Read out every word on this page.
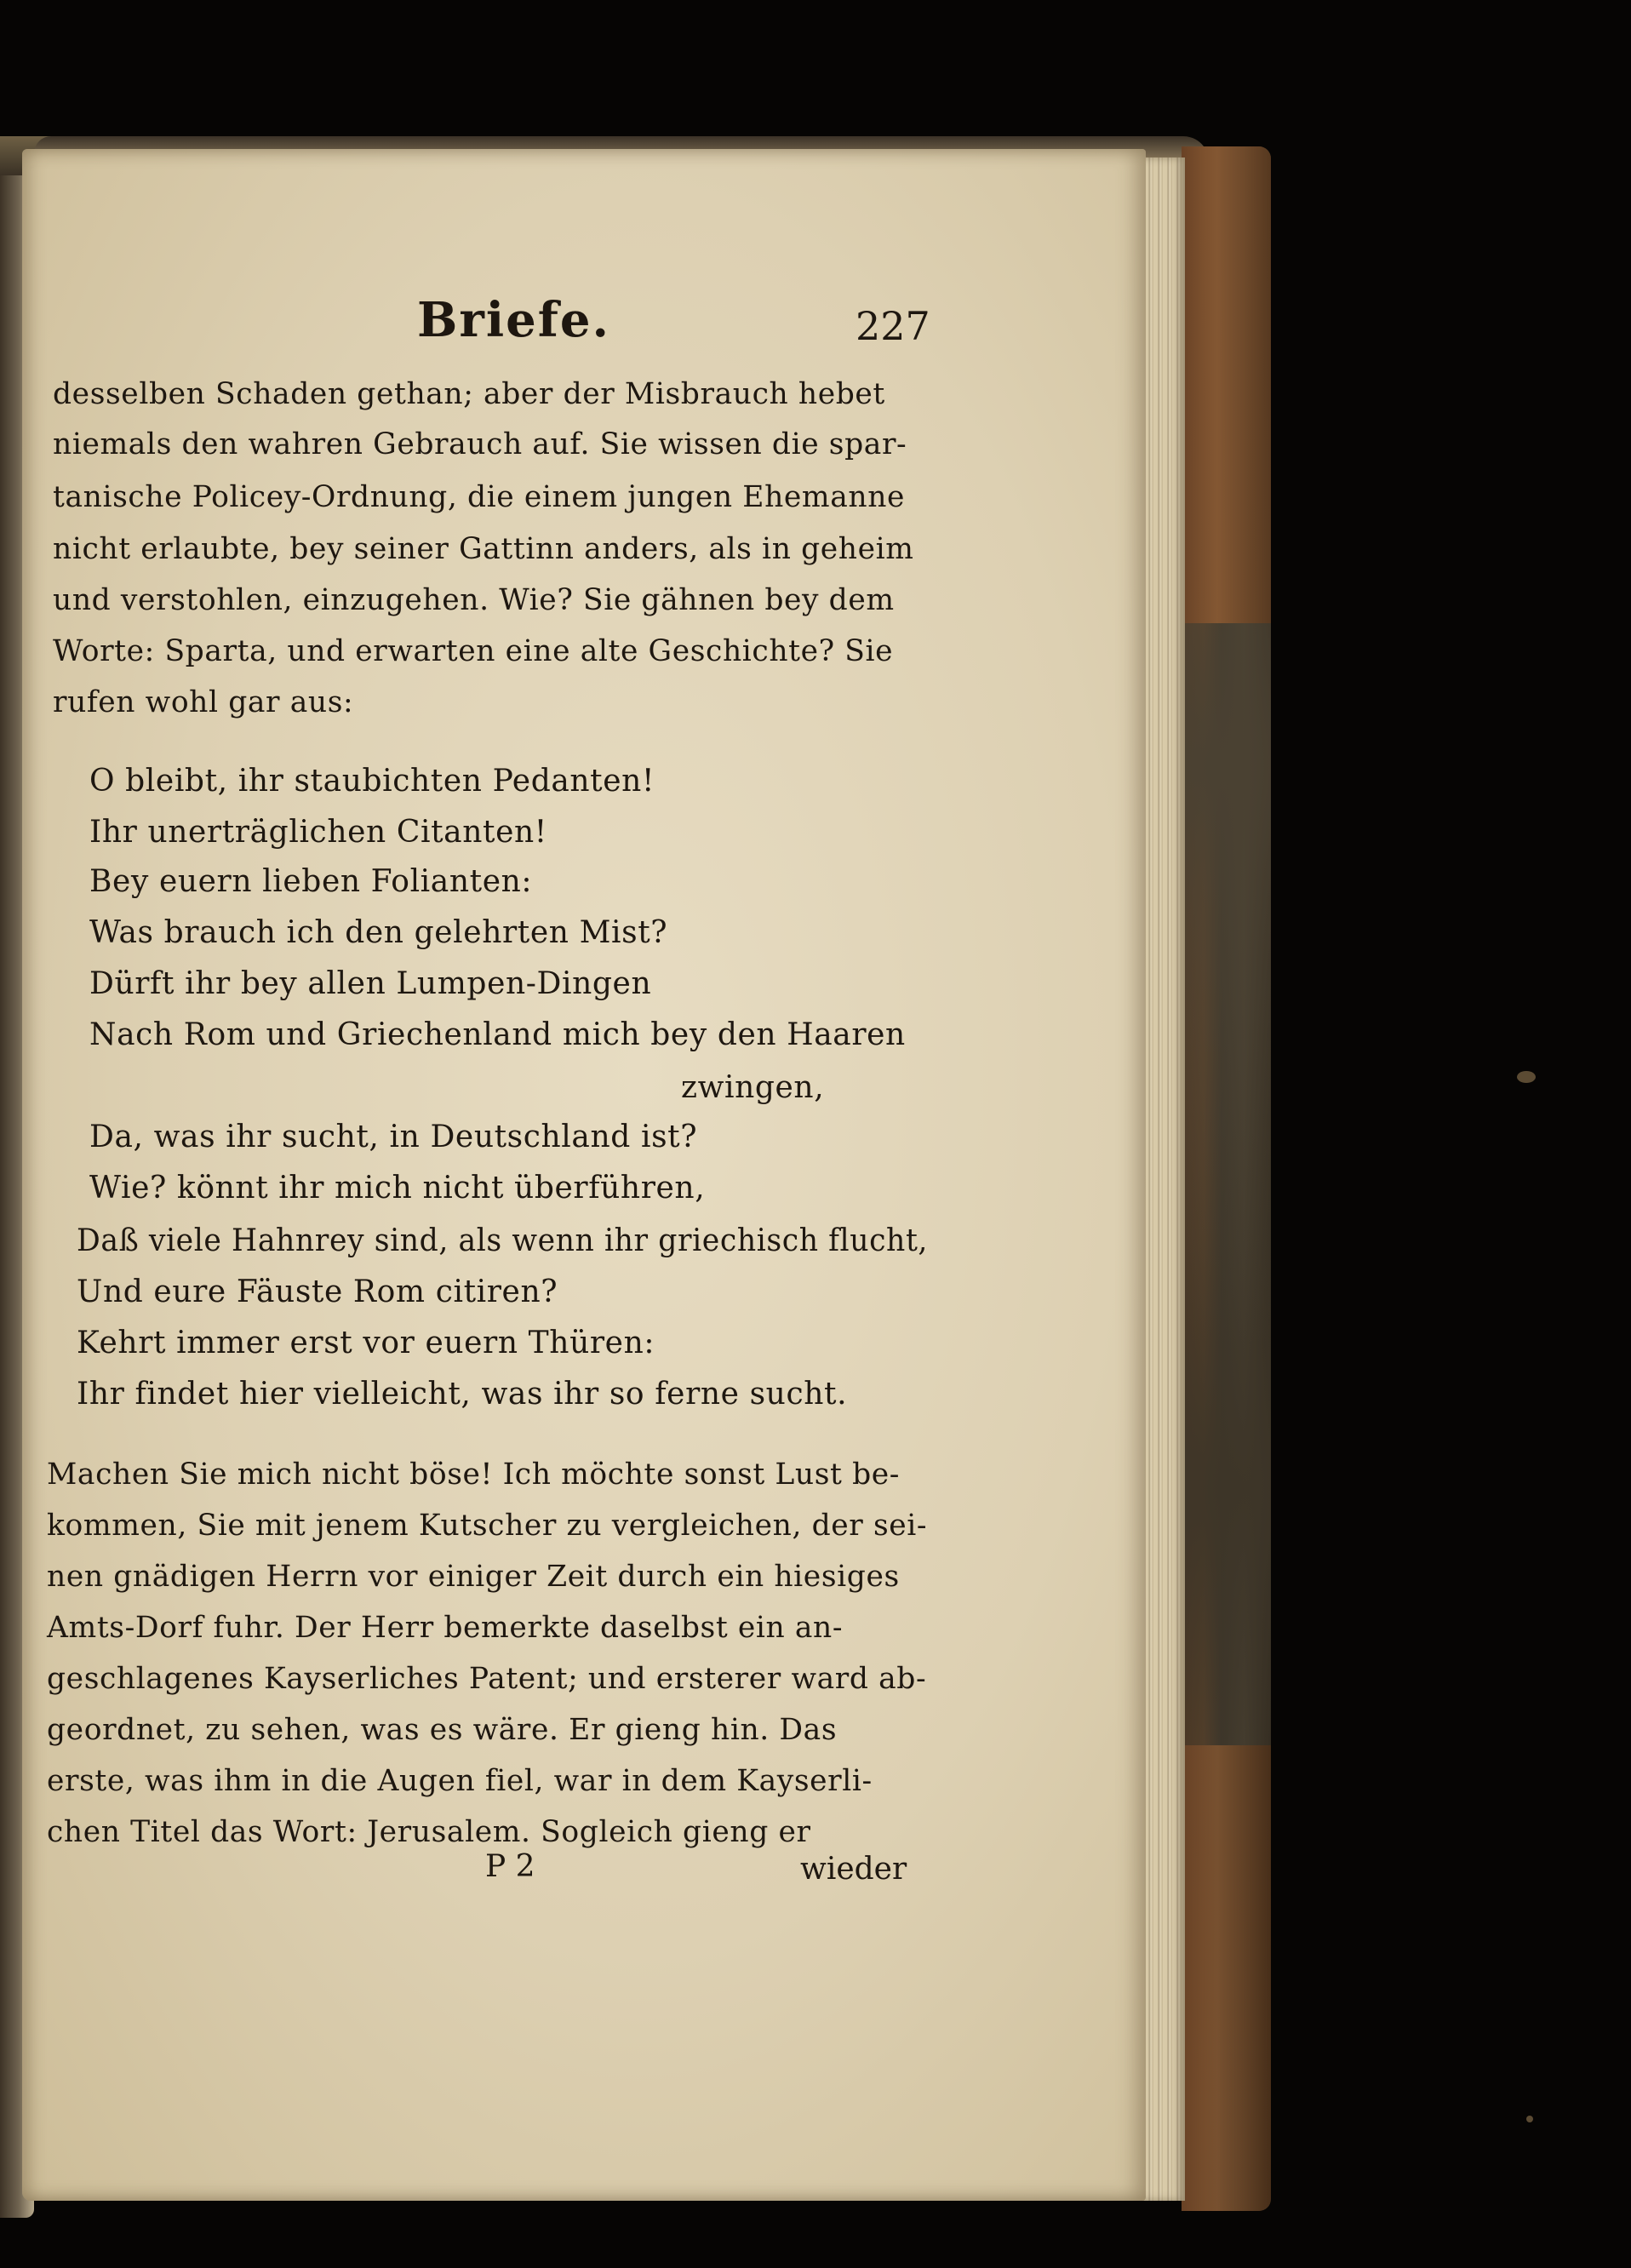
Briefe.	227
desselben Schaden gethan; aber der Misbrauch hebet
niemals den wahren Gebrauch auf. Sie wissen die spar-
tanische Policey-Ordnung, die einem jungen Ehemanne
nicht erlaubte, bey seiner Gattinn anders, als in geheim
und verstohlen, einzugehen. Wie? Sie gähnen bey dem
Worte: Sparta, und erwarten eine alte Geschichte? Sie
rufen wohl gar aus:
O bleibt, ihr staubichten Pedanten!
Ihr unerträglichen Citanten!
Bey euern lieben Folianten:
Was brauch ich den gelehrten Mist?
Dürft ihr bey allen Lumpen-Dingen
Nach Rom und Griechenland mich bey den Haaren
zwingen,
Da, was ihr sucht, in Deutschland ist?
Wie? könnt ihr mich nicht überführen,
Daß viele Hahnrey sind, als wenn ihr griechisch flucht,
Und eure Fäuste Rom citiren?
Kehrt immer erst vor euern Thüren:
Ihr findet hier vielleicht, was ihr so ferne sucht.
Machen Sie mich nicht böse! Ich möchte sonst Lust be-
kommen, Sie mit jenem Kutscher zu vergleichen, der sei-
nen gnädigen Herrn vor einiger Zeit durch ein hiesiges
Amts-Dorf fuhr. Der Herr bemerkte daselbst ein an-
geschlagenes Kayserliches Patent; und ersterer ward ab-
geordnet, zu sehen, was es wäre. Er gieng hin. Das
erste, was ihm in die Augen fiel, war in dem Kayserli-
chen Titel das Wort: Jerusalem. Sogleich gieng er
P 2	wieder
